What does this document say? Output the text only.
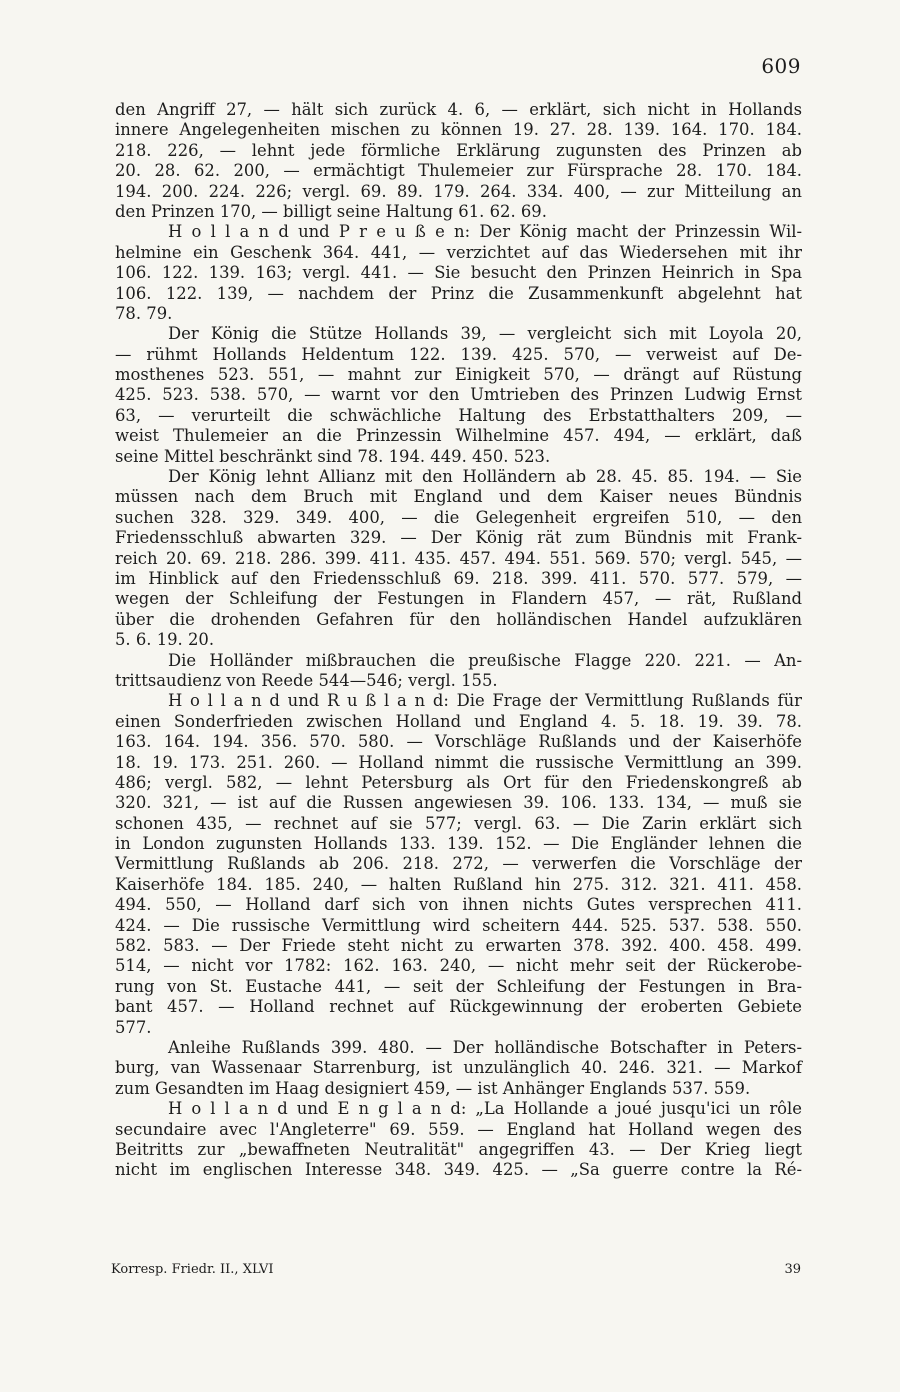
609
den Angriff 27, — hält sich zurück 4. 6, — erklärt, sich nicht in Hollands
innere Angelegenheiten mischen zu können 19. 27. 28. 139. 164. 170. 184.
218. 226, — lehnt jede förmliche Erklärung zugunsten des Prinzen ab
20. 28. 62. 200, — ermächtigt Thulemeier zur Fürsprache 28. 170. 184.
194. 200. 224. 226; vergl. 69. 89. 179. 264. 334. 400, — zur Mitteilung an
den Prinzen 170, — billigt seine Haltung 61. 62. 69.
H o l l a n d und P r e u ß e n: Der König macht der Prinzessin Wil-
helmine ein Geschenk 364. 441, — verzichtet auf das Wiedersehen mit ihr
106. 122. 139. 163; vergl. 441. — Sie besucht den Prinzen Heinrich in Spa
106. 122. 139, — nachdem der Prinz die Zusammenkunft abgelehnt hat
78. 79.
Der König die Stütze Hollands 39, — vergleicht sich mit Loyola 20,
— rühmt Hollands Heldentum 122. 139. 425. 570, — verweist auf De-
mosthenes 523. 551, — mahnt zur Einigkeit 570, — drängt auf Rüstung
425. 523. 538. 570, — warnt vor den Umtrieben des Prinzen Ludwig Ernst
63, — verurteilt die schwächliche Haltung des Erbstatthalters 209, —
weist Thulemeier an die Prinzessin Wilhelmine 457. 494, — erklärt, daß
seine Mittel beschränkt sind 78. 194. 449. 450. 523.
Der König lehnt Allianz mit den Holländern ab 28. 45. 85. 194. — Sie
müssen nach dem Bruch mit England und dem Kaiser neues Bündnis
suchen 328. 329. 349. 400, — die Gelegenheit ergreifen 510, — den
Friedensschluß abwarten 329. — Der König rät zum Bündnis mit Frank-
reich 20. 69. 218. 286. 399. 411. 435. 457. 494. 551. 569. 570; vergl. 545, —
im Hinblick auf den Friedensschluß 69. 218. 399. 411. 570. 577. 579, —
wegen der Schleifung der Festungen in Flandern 457, — rät, Rußland
über die drohenden Gefahren für den holländischen Handel aufzuklären
5. 6. 19. 20.
Die Holländer mißbrauchen die preußische Flagge 220. 221. — An-
trittsaudienz von Reede 544—546; vergl. 155.
H o l l a n d und R u ß l a n d: Die Frage der Vermittlung Rußlands für
einen Sonderfrieden zwischen Holland und England 4. 5. 18. 19. 39. 78.
163. 164. 194. 356. 570. 580. — Vorschläge Rußlands und der Kaiserhöfe
18. 19. 173. 251. 260. — Holland nimmt die russische Vermittlung an 399.
486; vergl. 582, — lehnt Petersburg als Ort für den Friedenskongreß ab
320. 321, — ist auf die Russen angewiesen 39. 106. 133. 134, — muß sie
schonen 435, — rechnet auf sie 577; vergl. 63. — Die Zarin erklärt sich
in London zugunsten Hollands 133. 139. 152. — Die Engländer lehnen die
Vermittlung Rußlands ab 206. 218. 272, — verwerfen die Vorschläge der
Kaiserhöfe 184. 185. 240, — halten Rußland hin 275. 312. 321. 411. 458.
494. 550, — Holland darf sich von ihnen nichts Gutes versprechen 411.
424. — Die russische Vermittlung wird scheitern 444. 525. 537. 538. 550.
582. 583. — Der Friede steht nicht zu erwarten 378. 392. 400. 458. 499.
514, — nicht vor 1782: 162. 163. 240, — nicht mehr seit der Rückerobe-
rung von St. Eustache 441, — seit der Schleifung der Festungen in Bra-
bant 457. — Holland rechnet auf Rückgewinnung der eroberten Gebiete
577.
Anleihe Rußlands 399. 480. — Der holländische Botschafter in Peters-
burg, van Wassenaar Starrenburg, ist unzulänglich 40. 246. 321. — Markof
zum Gesandten im Haag designiert 459, — ist Anhänger Englands 537. 559.
H o l l a n d und E n g l a n d: „La Hollande a joué jusqu'ici un rôle
secundaire avec l'Angleterre" 69. 559. — England hat Holland wegen des
Beitritts zur „bewaffneten Neutralität" angegriffen 43. — Der Krieg liegt
nicht im englischen Interesse 348. 349. 425. — „Sa guerre contre la Ré-
Korresp. Friedr. II., XLVI	39
